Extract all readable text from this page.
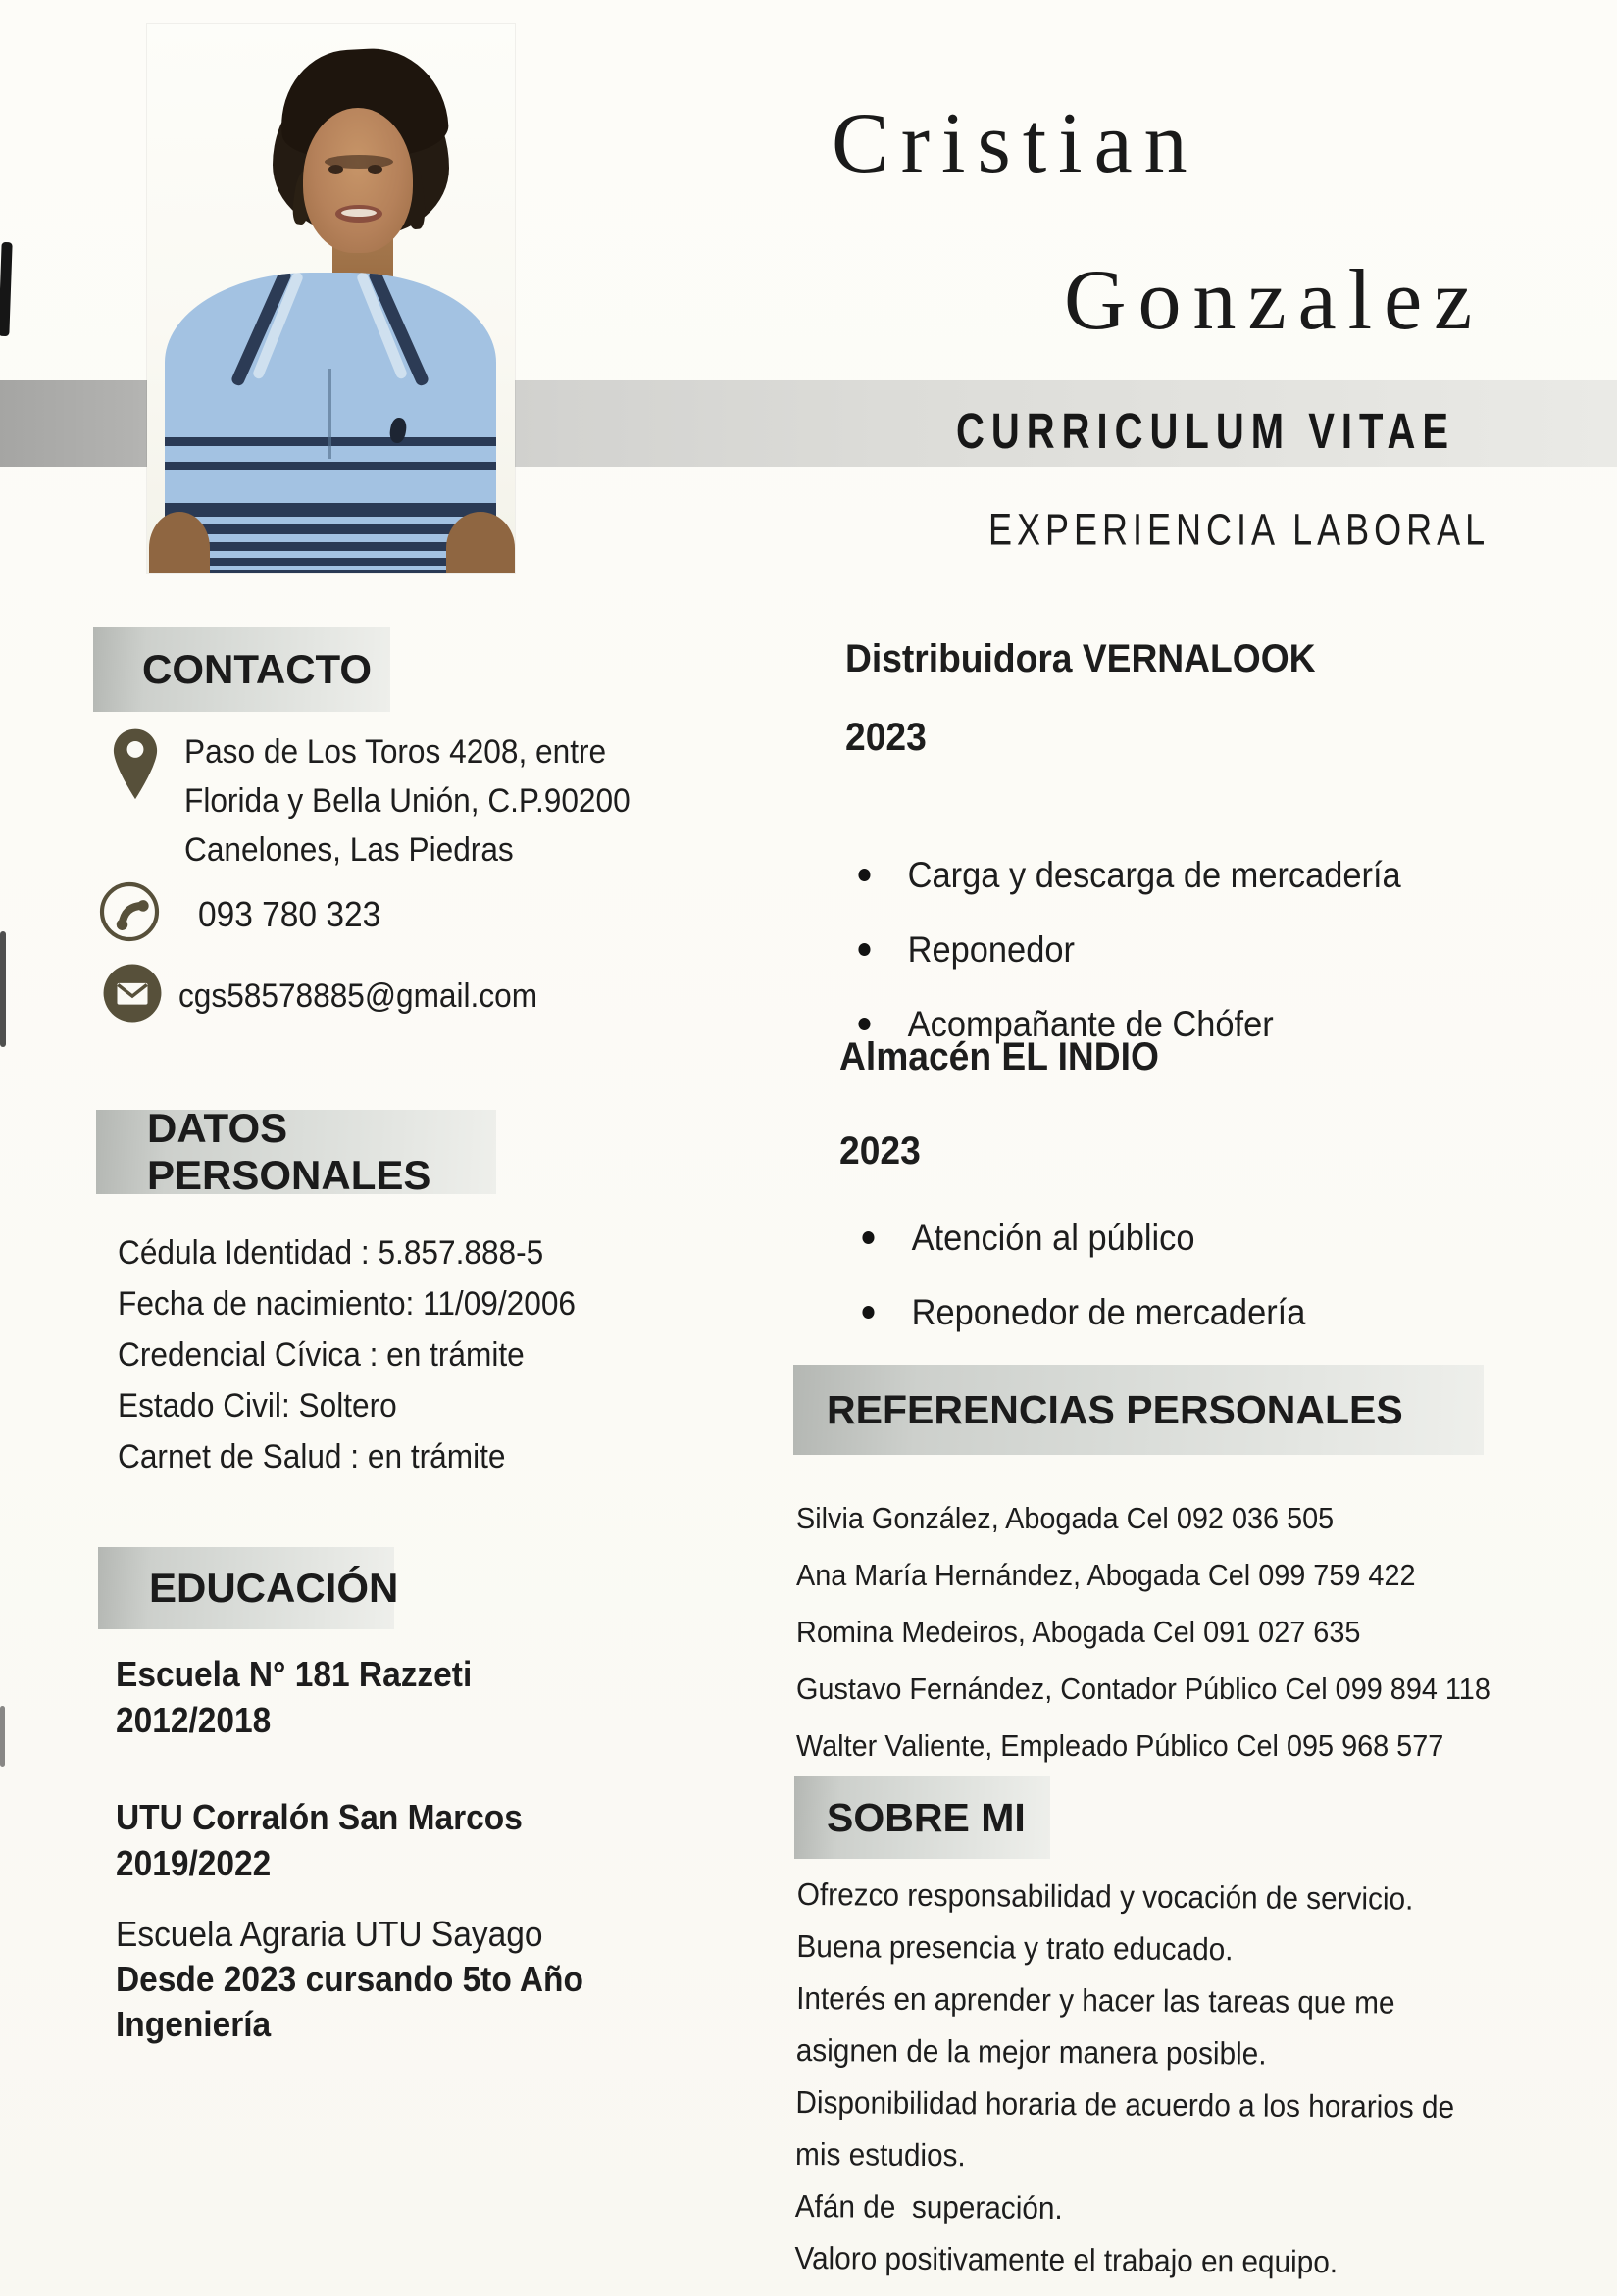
Cristian
Gonzalez
CURRICULUM VITAE
EXPERIENCIA LABORAL
CONTACTO
Paso de Los Toros 4208, entre
Florida y Bella Unión, C.P.90200
Canelones, Las Piedras
093 780 323
cgs58578885@gmail.com
DATOS PERSONALES
Cédula Identidad : 5.857.888-5
Fecha de nacimiento: 11/09/2006
Credencial Cívica : en trámite
Estado Civil: Soltero
Carnet de Salud : en trámite
EDUCACIÓN
Escuela N° 181 Razzeti
2012/2018
UTU Corralón San Marcos
2019/2022
Escuela Agraria UTU Sayago
Desde 2023 cursando 5to Año
Ingeniería
Distribuidora VERNALOOK
2023
Carga y descarga de mercadería
Reponedor
Acompañante de Chófer
Almacén EL INDIO
2023
Atención al público
Reponedor de mercadería
REFERENCIAS PERSONALES
Silvia González, Abogada Cel 092 036 505
Ana María Hernández, Abogada Cel 099 759 422
Romina Medeiros, Abogada Cel 091 027 635
Gustavo Fernández, Contador Público Cel 099 894 118
Walter Valiente, Empleado Público Cel 095 968 577
SOBRE MI
Ofrezco responsabilidad y vocación de servicio.
Buena presencia y trato educado.
Interés en aprender y hacer las tareas que me
asignen de la mejor manera posible.
Disponibilidad horaria de acuerdo a los horarios de
mis estudios.
Afán de  superación.
Valoro positivamente el trabajo en equipo.
